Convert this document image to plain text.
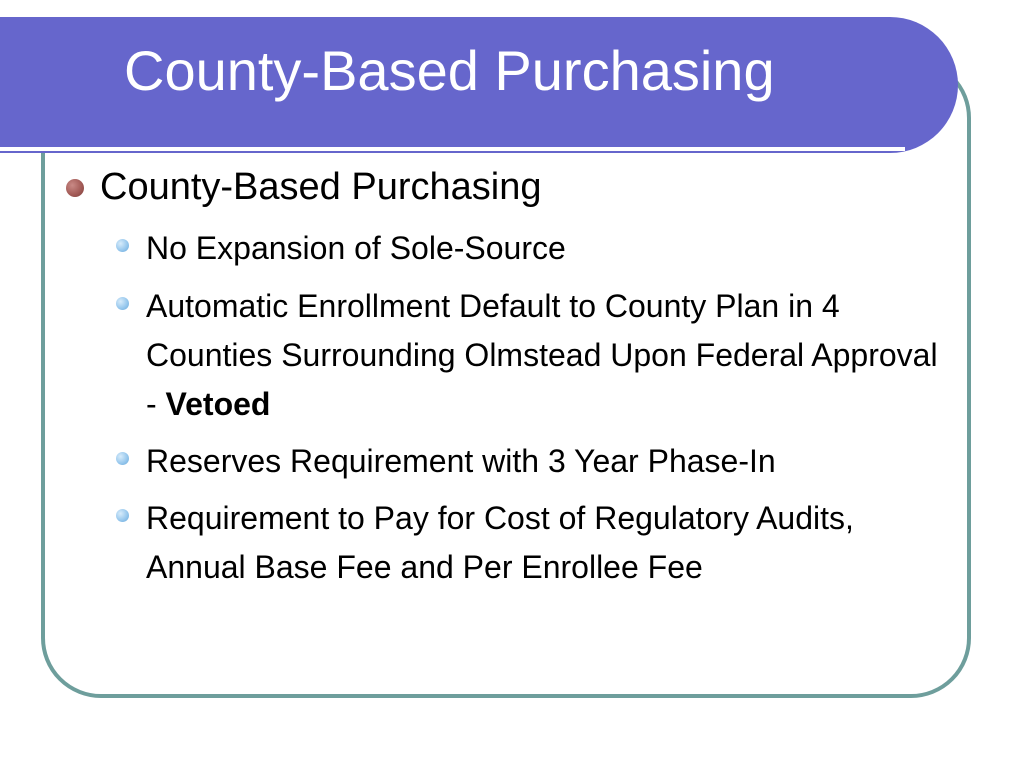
County-Based Purchasing
County-Based Purchasing
No Expansion of Sole-Source
Automatic Enrollment Default to County Plan in 4 Counties Surrounding Olmstead Upon Federal Approval - Vetoed
Reserves Requirement with 3 Year Phase-In
Requirement to Pay for Cost of Regulatory Audits, Annual Base Fee and Per Enrollee Fee
